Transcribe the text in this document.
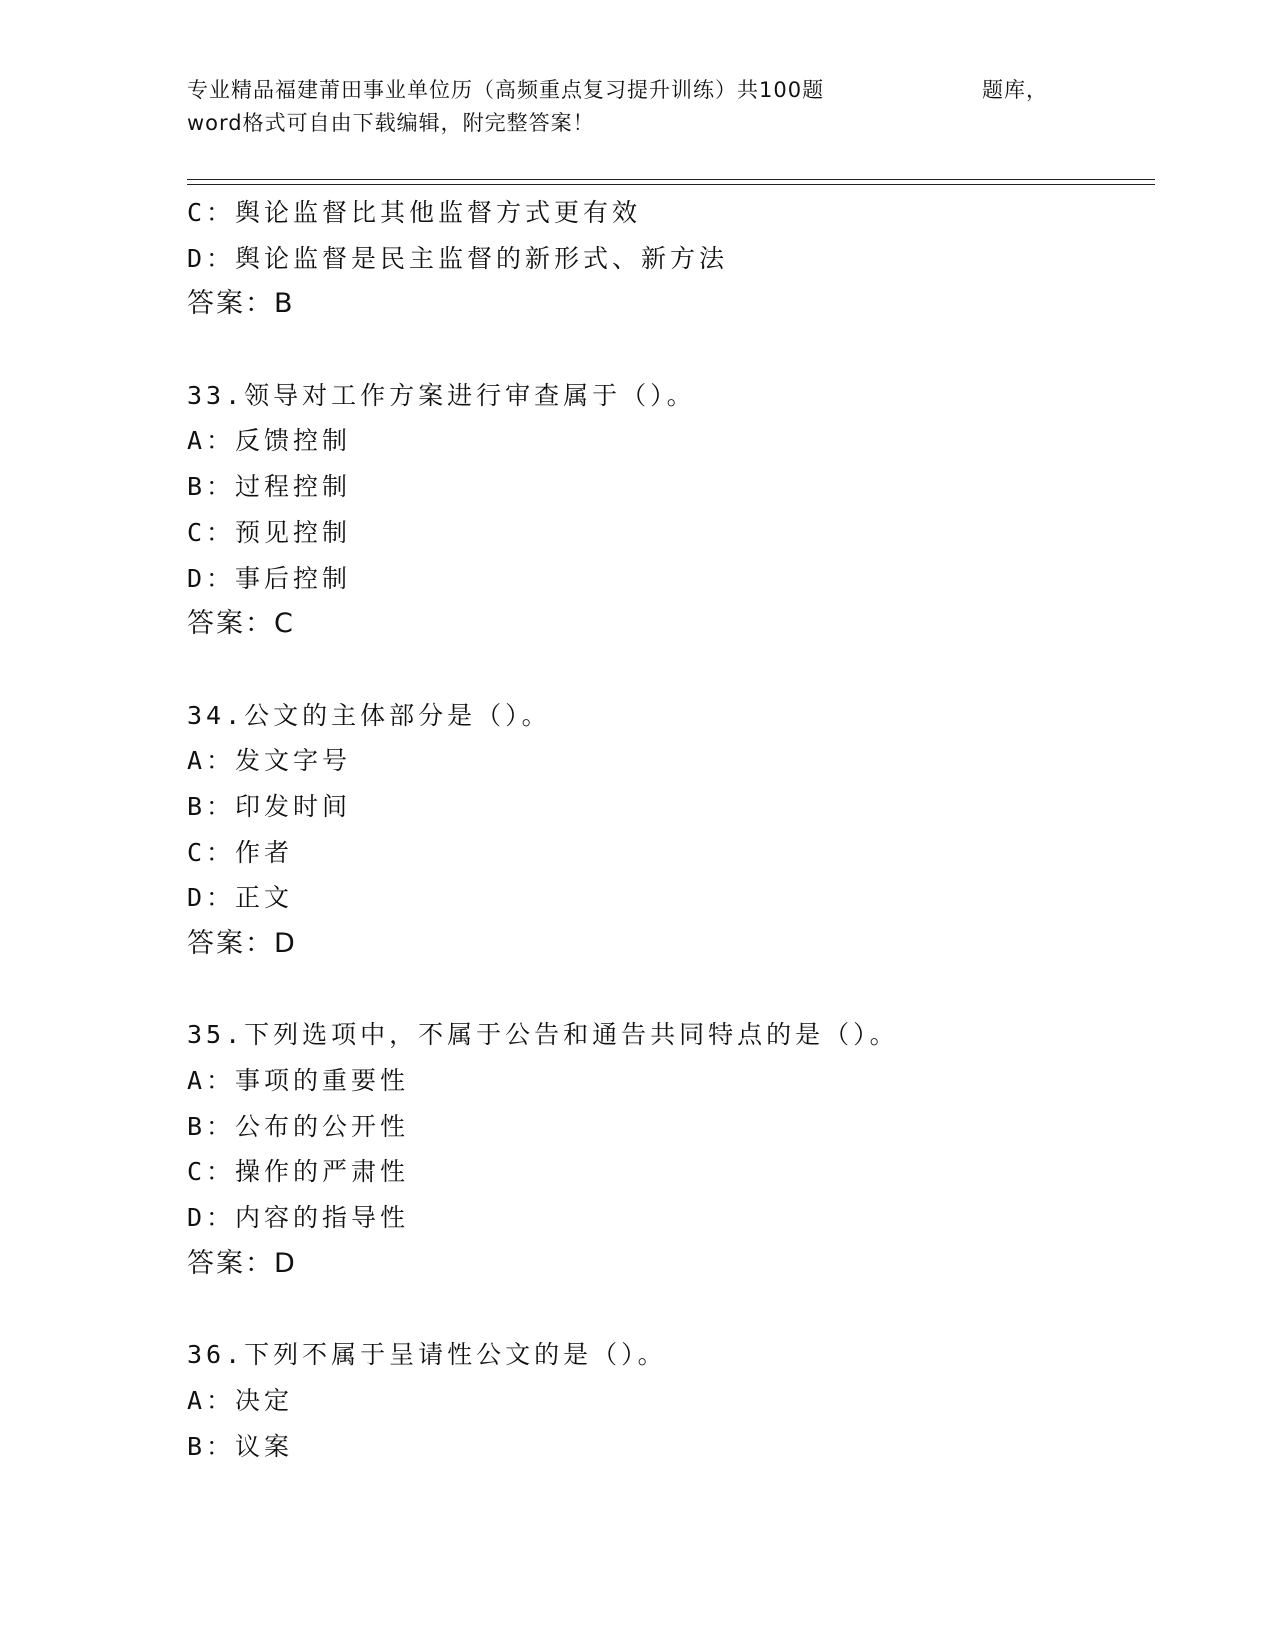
专业精品福建莆田事业单位历（高频重点复习提升训练）共100题	题库，
word格式可自由下载编辑，附完整答案！
C：舆论监督比其他监督方式更有效
D：舆论监督是民主监督的新形式、新方法
答案：B
33.领导对工作方案进行审查属于（）。
A：反馈控制
B：过程控制
C：预见控制
D：事后控制
答案：C
34.公文的主体部分是（）。
A：发文字号
B：印发时间
C：作者
D：正文
答案：D
35.下列选项中，不属于公告和通告共同特点的是（）。
A：事项的重要性
B：公布的公开性
C：操作的严肃性
D：内容的指导性
答案：D
36.下列不属于呈请性公文的是（）。
A：决定
B：议案
